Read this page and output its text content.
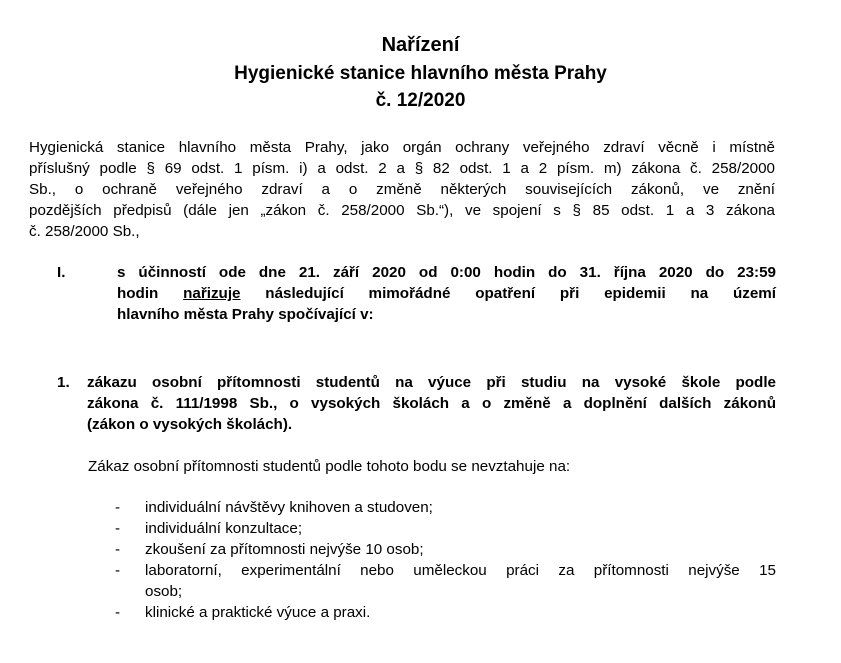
Nařízení
Hygienické stanice hlavního města Prahy
č. 12/2020
Hygienická stanice hlavního města Prahy, jako orgán ochrany veřejného zdraví věcně i místně
příslušný podle § 69 odst. 1 písm. i) a odst. 2 a § 82 odst. 1 a 2 písm. m) zákona č. 258/2000
Sb., o ochraně veřejného zdraví a o změně některých souvisejících zákonů, ve znění
pozdějších předpisů (dále jen „zákon č. 258/2000 Sb.“), ve spojení s § 85 odst. 1 a 3 zákona
č. 258/2000 Sb.,
I.	s účinností ode dne 21. září 2020 od 0:00 hodin do 31. října 2020 do 23:59
hodin nařizuje následující mimořádné opatření při epidemii na území
hlavního města Prahy spočívající v:
1. zákazu osobní přítomnosti studentů na výuce při studiu na vysoké škole podle
zákona č. 111/1998 Sb., o vysokých školách a o změně a doplnění dalších zákonů
(zákon o vysokých školách).
Zákaz osobní přítomnosti studentů podle tohoto bodu se nevztahuje na:
- individuální návštěvy knihoven a studoven;
- individuální konzultace;
- zkoušení za přítomnosti nejvýše 10 osob;
- laboratorní, experimentální nebo uměleckou práci za přítomnosti nejvýše 15
osob;
- klinické a praktické výuce a praxi.
